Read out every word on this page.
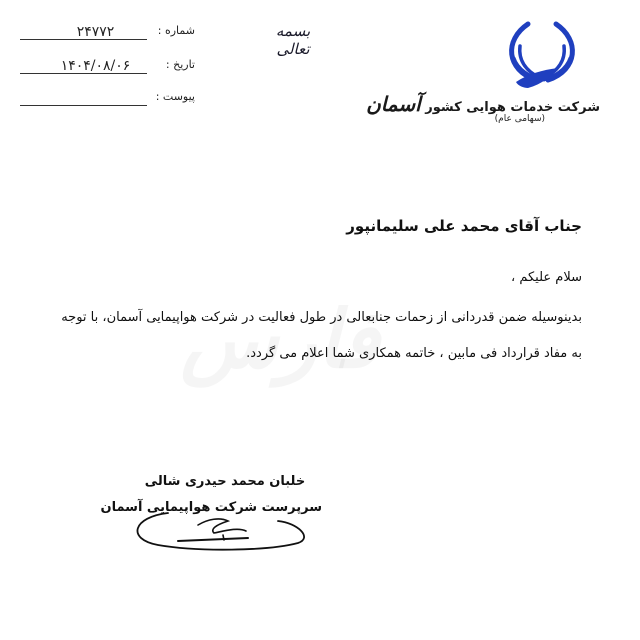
شماره :
۲۴۷۷۲
تاریخ :
۱۴۰۴/۰۸/۰۶
پیوست :
بسمه تعالی
شرکت خدمات هوایی کشور آسمان
(سهامی عام)
جناب آقای محمد علی سلیمانپور
سلام علیکم ،
بدینوسیله ضمن قدردانی از زحمات جنابعالی در طول فعالیت در شرکت هواپیمایی آسمان، با توجه
به مفاد قرارداد فی مابین ، خاتمه همکاری شما اعلام می گردد.
خلبان محمد حیدری شالی
سرپرست شرکت هواپیمایی آسمان
